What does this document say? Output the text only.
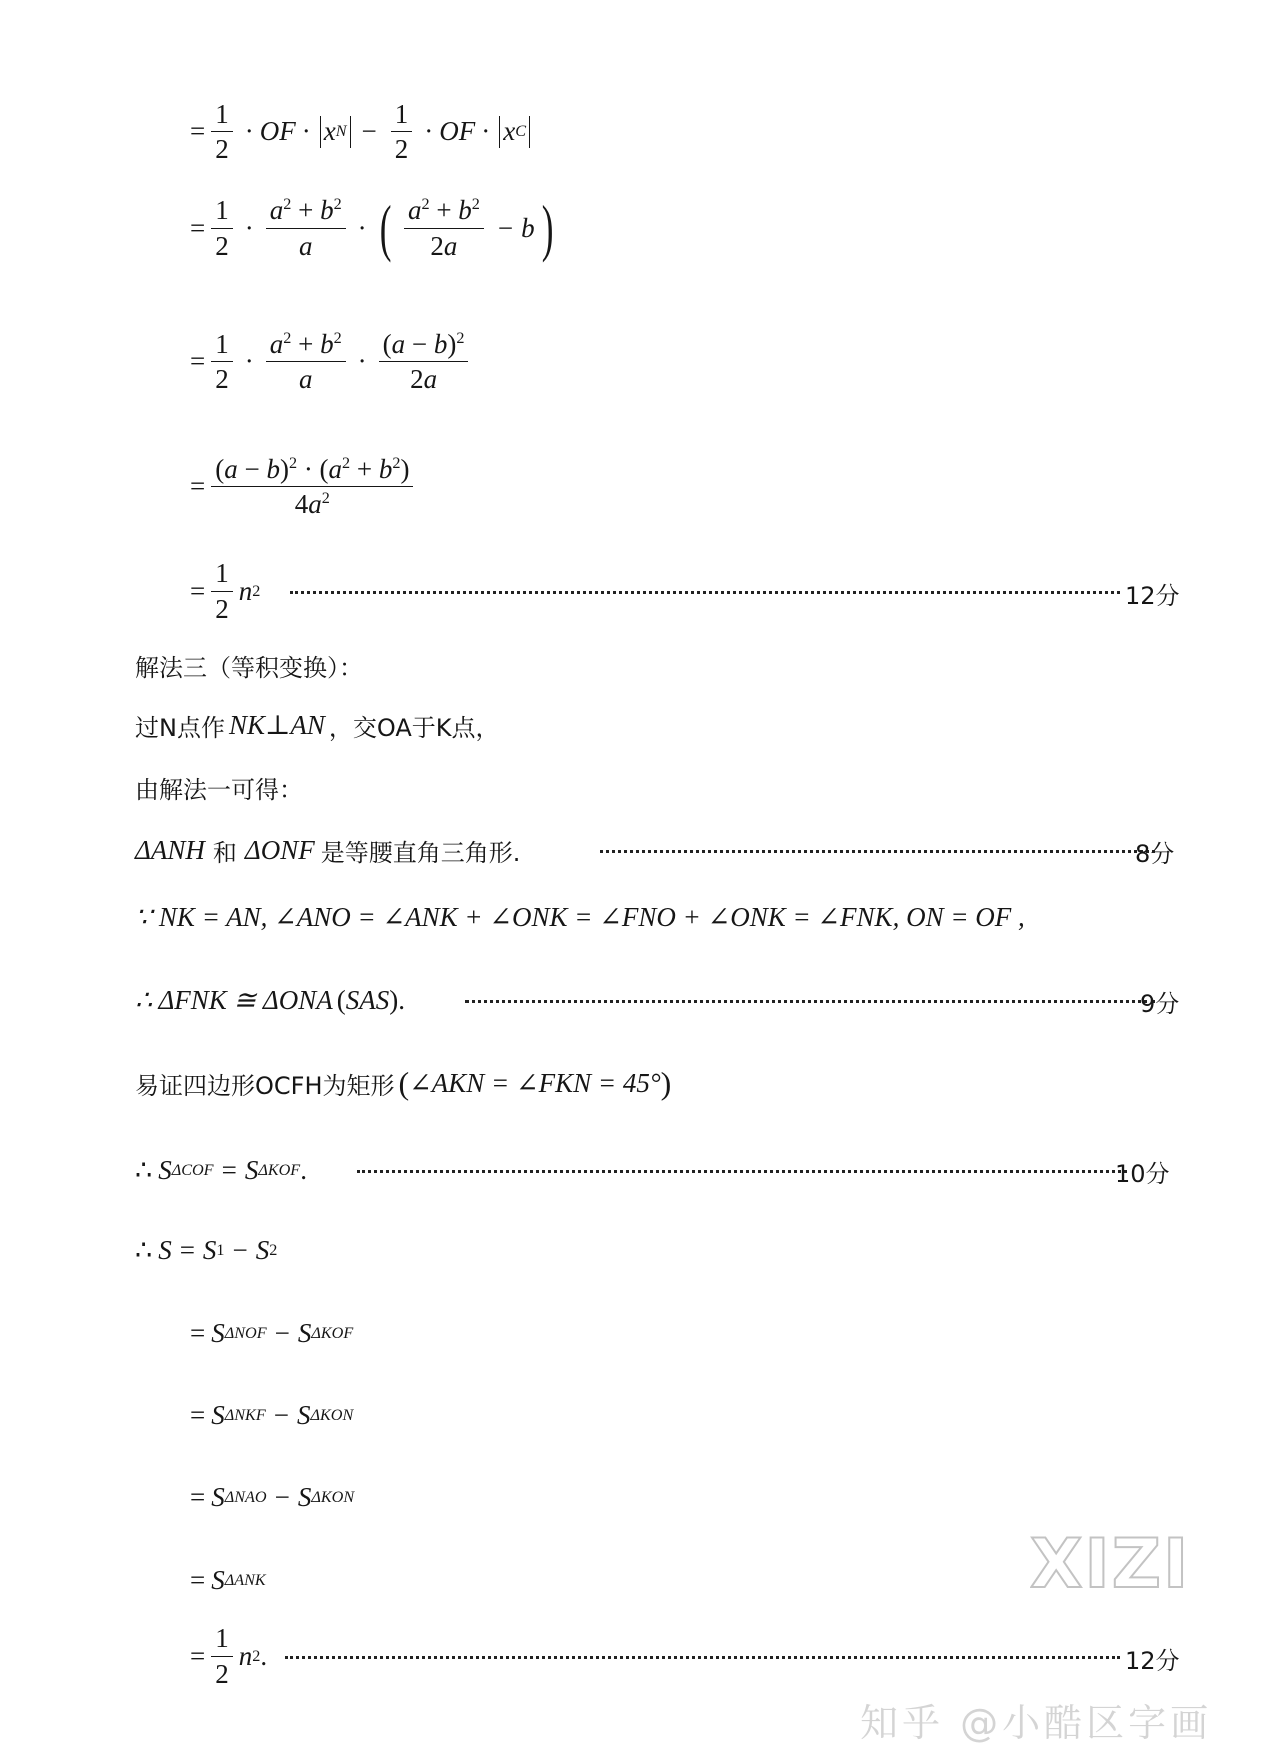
= $\frac{1}{2}$ · OF · x $N - \frac{1}{2}$ · OF · x C
= $\frac{1}{2} \cdot \frac{a^2 + b^2}{a}$ · ( $\frac{a^2 + b^2}{2a} - b$ )
= $\frac{1}{2} \cdot \frac{a^2 + b^2}{a} \cdot \frac{(a - b)^2}{2a}$
= $\frac{(a - b)^2 \cdot (a^2 + b^2)}{4a^2}$
= $\frac{1}{2}$ n 2	12分
解法三（等积变换）：
过N点作 NK⊥AN ，交OA于K点，
由解法一可得：
ΔANH 和 ΔONF 是等腰直角三角形.	8分
∵ NK = AN, ∠ANO = ∠ANK + ∠ONK = ∠FNO + ∠ONK = ∠FNK, ON = OF ,
∴ ΔFNK ≅ ΔONA ( SAS ) .	9分
易证四边形OCFH为矩形 ( ∠AKN = ∠FKN = 45° )
∴ S ΔCOF = S ΔKOF .	10分
∴ S = S 1 − S 2
= S ΔNOF − S ΔKOF
= S ΔNKF − S ΔKON
= S ΔNAO − S ΔKON
= S ΔANK
= $\frac{1}{2}$ n 2 .	12分
XIZI
知乎 @小酷区字画
